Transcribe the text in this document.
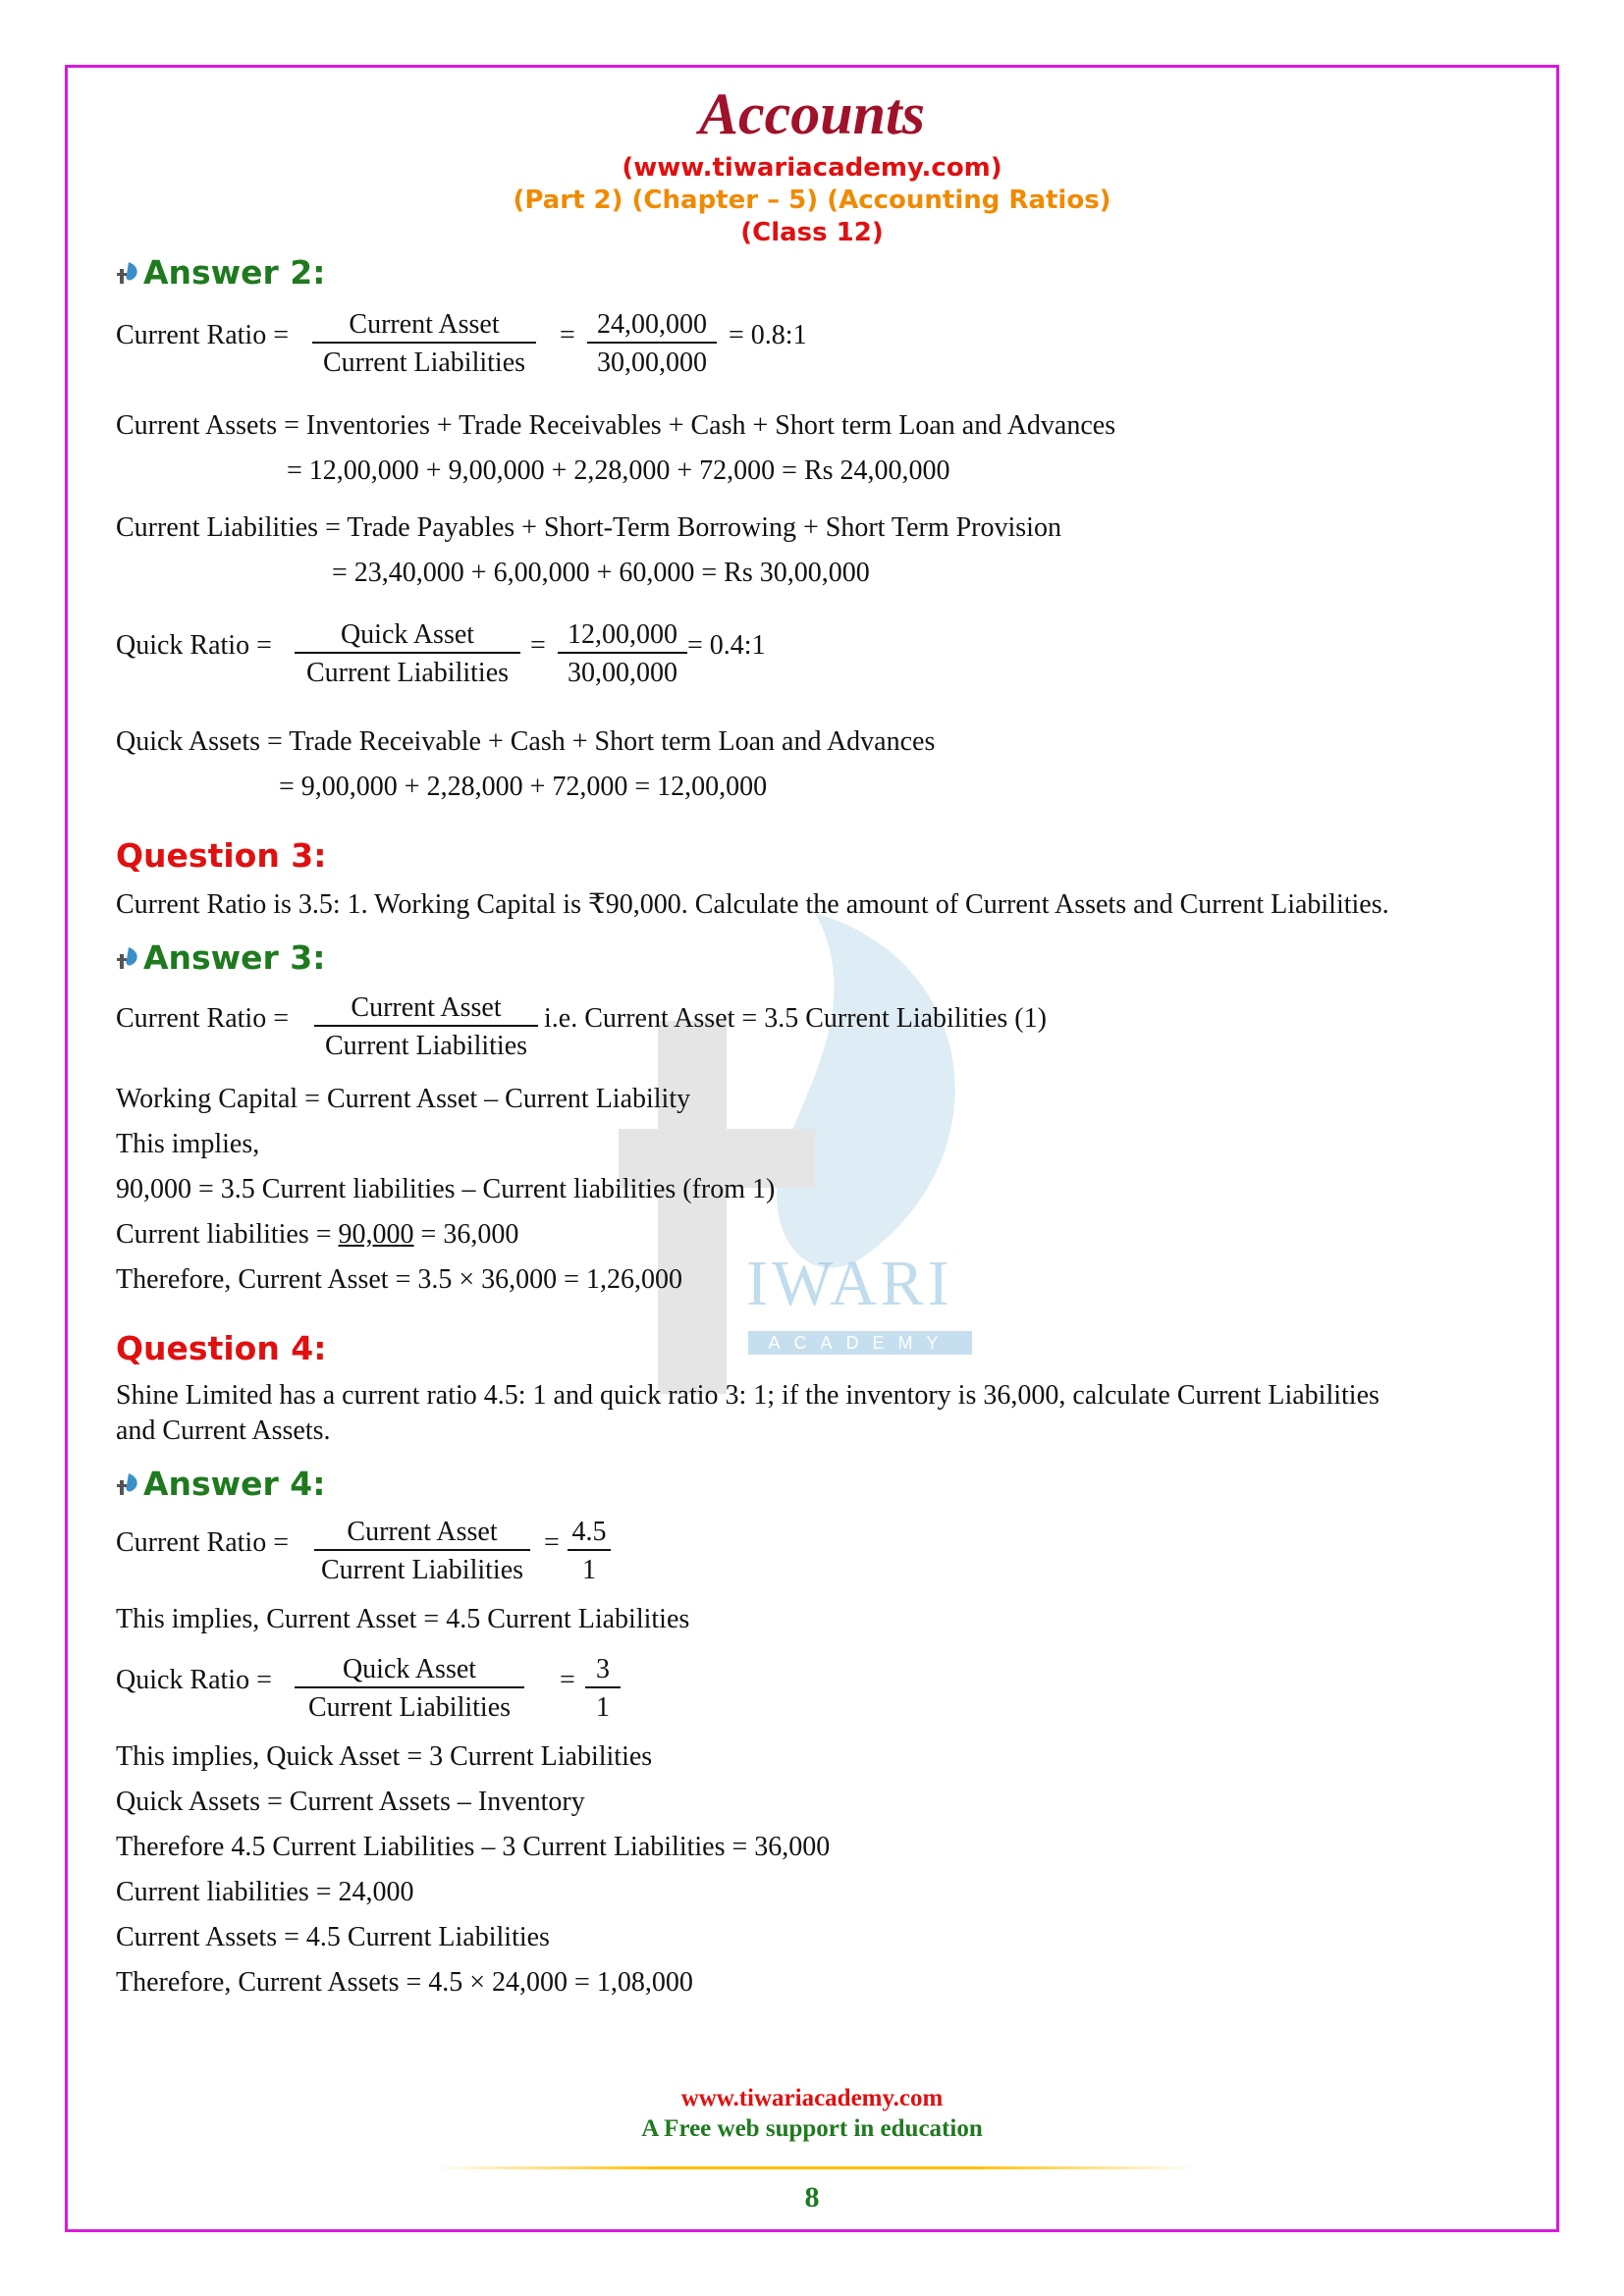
IWARI
ACADEMY
Accounts
(www.tiwariacademy.com)
(Part 2) (Chapter – 5) (Accounting Ratios)
(Class 12)
Answer 2:
Current Ratio =	Current Asset
Current Liabilities
= $\frac{24,00,000}{30,00,000}$ = 0.8:1
Current Assets = Inventories + Trade Receivables + Cash + Short term Loan and Advances
= 12,00,000 + 9,00,000 + 2,28,000 + 72,000 = Rs 24,00,000
Current Liabilities = Trade Payables + Short-Term Borrowing + Short Term Provision
= 23,40,000 + 6,00,000 + 60,000 = Rs 30,00,000
Quick Ratio =	Quick Asset
Current Liabilities
= $\frac{12,00,000}{30,00,000}$ = 0.4:1
Quick Assets = Trade Receivable + Cash + Short term Loan and Advances
= 9,00,000 + 2,28,000 + 72,000 = 12,00,000
Question 3:
Current Ratio is 3.5: 1. Working Capital is ₹90,000. Calculate the amount of Current Assets and Current Liabilities.
Answer 3:
Current Ratio =	Current Asset
Current Liabilities
i.e. Current Asset = 3.5 Current Liabilities (1)
Working Capital = Current Asset – Current Liability
This implies,
90,000 = 3.5 Current liabilities – Current liabilities (from 1)
Current liabilities = 90,000 = 36,000
Therefore, Current Asset = 3.5 × 36,000 = 1,26,000
Question 4:
Shine Limited has a current ratio 4.5: 1 and quick ratio 3: 1; if the inventory is 36,000, calculate Current Liabilities
and Current Assets.
Answer 4:
Current Ratio =	Current Asset
Current Liabilities
= $\frac{4.5}{1}$
This implies, Current Asset = 4.5 Current Liabilities
Quick Ratio =	Quick Asset
Current Liabilities
= $\frac{3}{1}$
This implies, Quick Asset = 3 Current Liabilities
Quick Assets = Current Assets – Inventory
Therefore 4.5 Current Liabilities – 3 Current Liabilities = 36,000
Current liabilities = 24,000
Current Assets = 4.5 Current Liabilities
Therefore, Current Assets = 4.5 × 24,000 = 1,08,000
www.tiwariacademy.com
A Free web support in education
8
